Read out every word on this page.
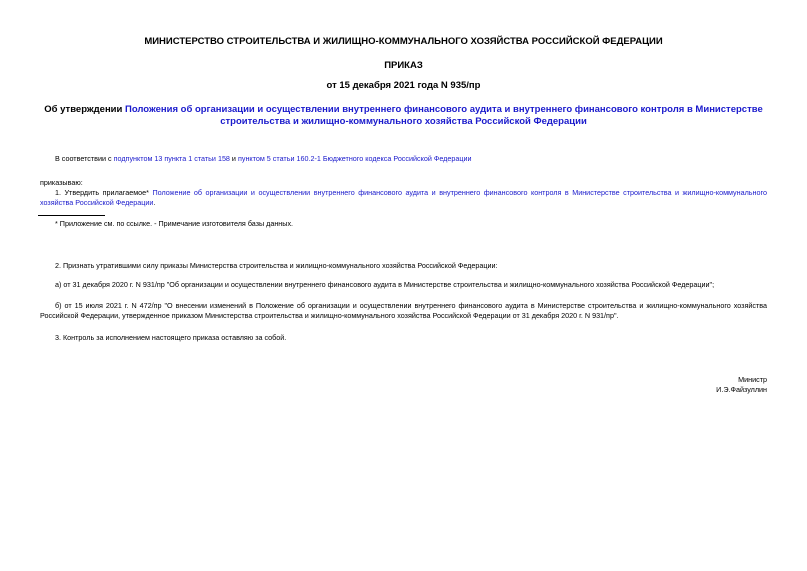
МИНИСТЕРСТВО СТРОИТЕЛЬСТВА И ЖИЛИЩНО-КОММУНАЛЬНОГО ХОЗЯЙСТВА РОССИЙСКОЙ ФЕДЕРАЦИИ
ПРИКАЗ
от 15 декабря 2021 года N 935/пр
Об утверждении Положения об организации и осуществлении внутреннего финансового аудита и внутреннего финансового контроля в Министерстве строительства и жилищно-коммунального хозяйства Российской Федерации
В соответствии с подпунктом 13 пункта 1 статьи 158 и пунктом 5 статьи 160.2-1 Бюджетного кодекса Российской Федерации
приказываю:
1. Утвердить прилагаемое* Положение об организации и осуществлении внутреннего финансового аудита и внутреннего финансового контроля в Министерстве строительства и жилищно-коммунального хозяйства Российской Федерации.
* Приложение см. по ссылке. - Примечание изготовителя базы данных.
2. Признать утратившими силу приказы Министерства строительства и жилищно-коммунального хозяйства Российской Федерации:
а) от 31 декабря 2020 г. N 931/пр "Об организации и осуществлении внутреннего финансового аудита в Министерстве строительства и жилищно-коммунального хозяйства Российской Федерации";
б) от 15 июля 2021 г. N 472/пр "О внесении изменений в Положение об организации и осуществлении внутреннего финансового аудита в Министерстве строительства и жилищно-коммунального хозяйства Российской Федерации, утвержденное приказом Министерства строительства и жилищно-коммунального хозяйства Российской Федерации от 31 декабря 2020 г. N 931/пр".
3. Контроль за исполнением настоящего приказа оставляю за собой.
Министр
И.Э.Файзуллин
